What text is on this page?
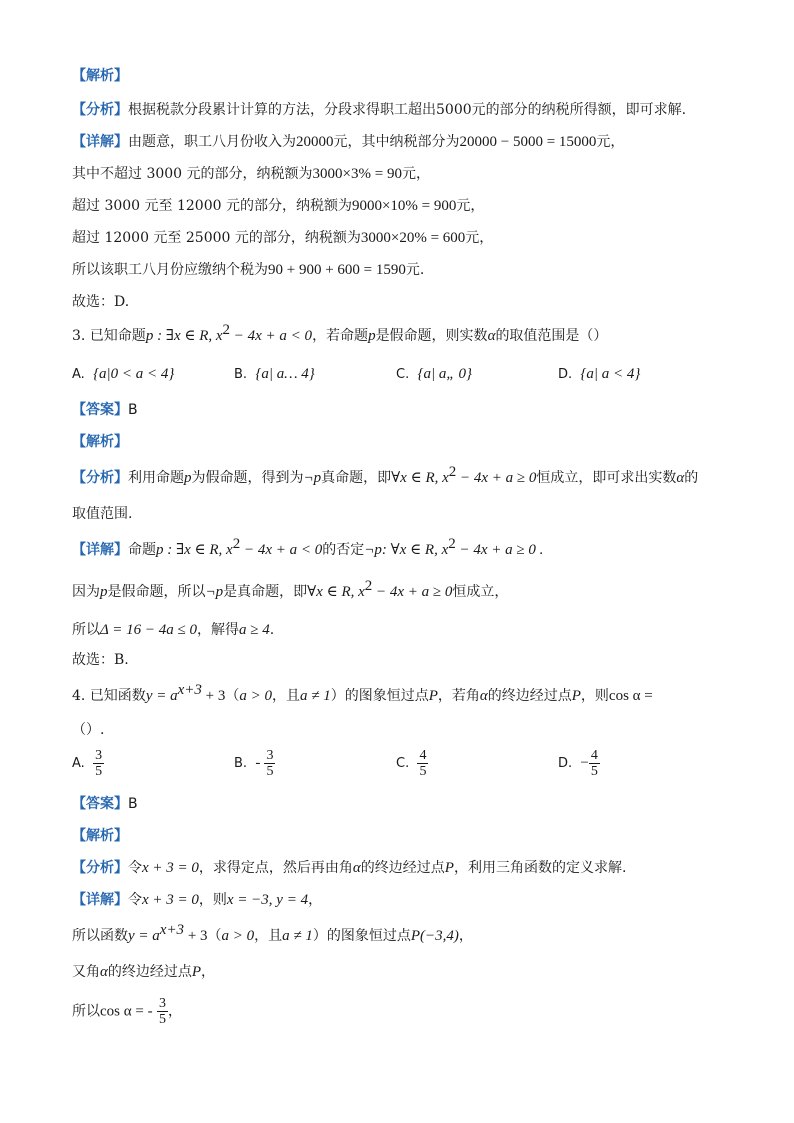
【解析】
【分析】根据税款分段累计计算的方法，分段求得职工超出5000元的部分的纳税所得额，即可求解.
【详解】由题意，职工八月份收入为20000元，其中纳税部分为20000 − 5000 = 15000元，
其中不超过 3000 元的部分，纳税额为3000×3% = 90元，
超过 3000 元至 12000 元的部分，纳税额为9000×10% = 900元，
超过 12000 元至 25000 元的部分，纳税额为3000×20% = 600元，
所以该职工八月份应缴纳个税为90 + 900 + 600 = 1590元.
故选：D.
3. 已知命题p : ∃x ∈ R, $x^2 - 4x + a < 0$，若命题p是假命题，则实数α的取值范围是（）
A. {a|0 < a < 4}	B. {a| a… 4}	C. {a| a„ 0}	D. {a| a < 4}
【答案】B
【解析】
【分析】利用命题p为假命题，得到为¬p真命题，即∀x ∈ R, $x^2 - 4x + a \ge 0$恒成立，即可求出实数α的
取值范围.
【详解】命题p : ∃x ∈ R, $x^2 - 4x + a < 0$的否定¬p: ∀x ∈ R, $x^2 - 4x + a \ge 0$ .
因为p是假命题，所以¬p是真命题，即∀x ∈ R, $x^2 - 4x + a \ge 0$恒成立，
所以Δ = 16 − 4a ≤ 0，解得a ≥ 4.
故选：B.
4. 已知函数$y = a^{x+3} + 3(a > 0$，且a ≠ 1）的图象恒过点P，若角α的终边经过点P，则cos α =
（）.
A. $\frac{3}{5}$	B. - $\frac{3}{5}$	C. $\frac{4}{5}$	D. − $\frac{4}{5}$
【答案】B
【解析】
【分析】令x + 3 = 0，求得定点，然后再由角α的终边经过点P，利用三角函数的定义求解.
【详解】令x + 3 = 0，则x = −3, y = 4，
所以函数$y = a^{x+3} + 3(a > 0$，且a ≠ 1）的图象恒过点P(−3,4)，
又角α的终边经过点P，
所以cos α = - $\frac{3}{5}$ ，
